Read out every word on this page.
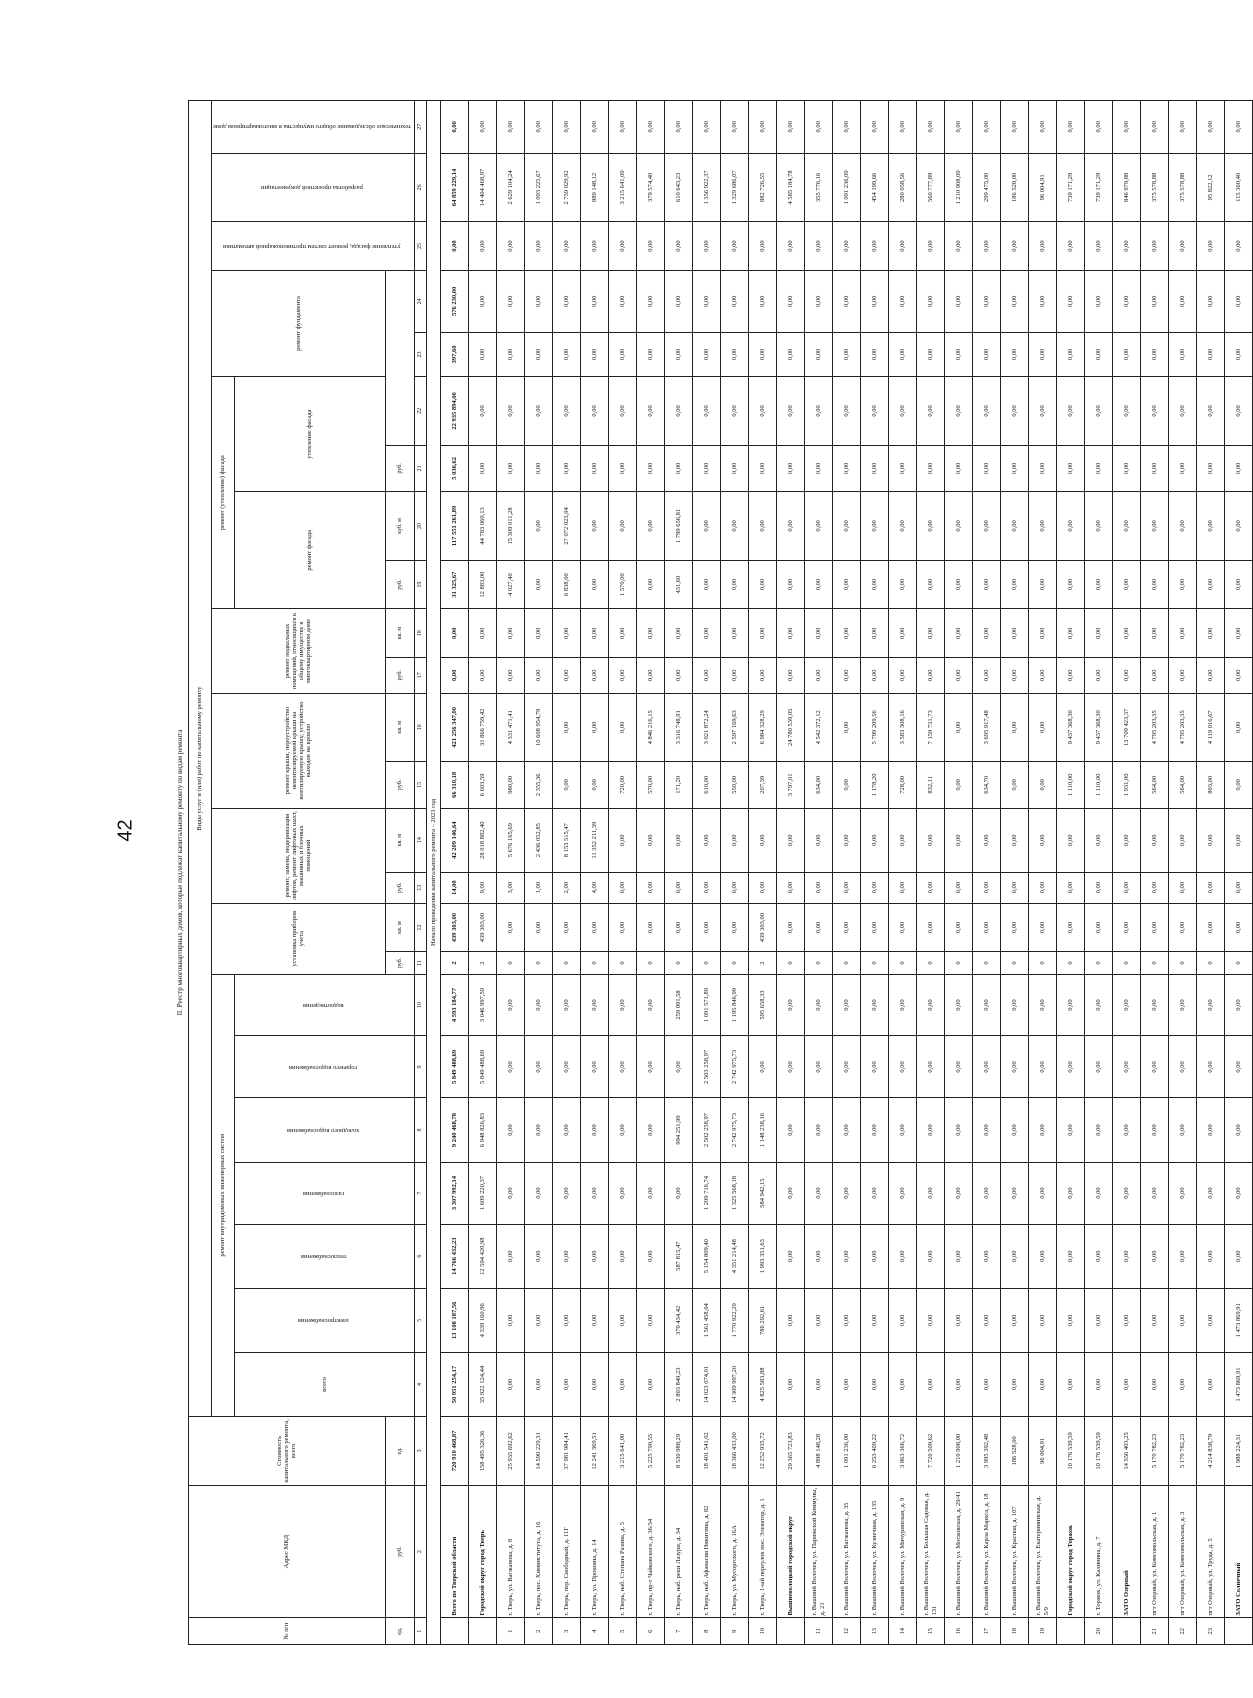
42	II. Реестр многоквартирных домов, которые подлежат капитальному ремонту по видам ремонта
№ п/п	Адрес МКД	Стоимость капитального ремонта, всего	Виды услуг и (или) работ по капитальному ремонту																							
			ремонт внутридомовых инженерных систем							установка приборов учета		ремонт, замена, модернизация лифтов, ремонт лифтовых шахт, машинных и блочных помещений		ремонт крыши, переустройство невентилируемой крыши на вентилируемую крышу, устройство выходов на кровлю		ремонт подвальных помещений, относящихся к общему имуществу в многоквартирном доме		ремонт (утепление) фасада				ремонт фундамента		утепление фасада, ремонт систем противопожарной автоматики	разработка проектной документации	техническое обследование общего имущества в многоквартирном доме
			всего	электроснабжения	теплоснабжения	газоснабжения	холодного водоснабжения	горячего водоснабжения	водоотведения									ремонт фасада		утепление фасада						
ед.	руб.	ед.								руб.	кв. м	руб.	кв. м	руб.	кв. м	руб.	кв. м	руб.	куб. м	руб.						
1	2	3	4	5	6	7	8	9	10	11	12	13	14	15	16	17	18	19	20	21	22	23	24	25	26	27
Начало проведения капитального ремонта – 2023 год																										
	Всего по Тверской области	720 910 468,87	50 951 254,17	13 108 187,56	14 766 432,23	3 307 992,14	9 240 468,78	5 849 488,69	4 593 184,77	2	439 303,00	14,00	42 209 146,64	66 310,18	421 256 347,00	0,00	0,00	31 325,67	117 551 261,89	5 036,62	22 935 894,00	397,60	576 230,00	0,00	64 859 229,14	0,00
	Городской округ город Тверь	158 495 326,36	35 922 124,44	4 339 160,96	12 594 420,98	1 609 220,37	6 948 826,83	5 849 488,69	3 046 997,59	2	439 303,00	9,00	28 018 882,40	6 603,59	31 866 759,42	0,00	0,00	12 883,00	44 783 060,13	0,00	0,00	0,00	0,00	0,00	14 404 468,97	0,00
1	г. Тверь, ул. Вагжанова, д. 8	25 935 692,62	0,00	0,00	0,00	0,00	0,00	0,00	0,00	0	0,00	3,00	5 676 165,69	980,00	4 331 471,41	0,00	0,00	4 027,40	15 309 011,28	0,00	0,00	0,00	0,00	0,00	2 629 104,24	0,00
2	г. Тверь, пос. Химинститута, д. 16	14 590 229,31	0,00	0,00	0,00	0,00	0,00	0,00	0,00	0	0,00	1,00	2 436 052,85	2 355,36	10 608 954,79	0,00	0,00	0,00	0,00	0,00	0,00	0,00	0,00	0,00	1 093 225,67	0,00
3	г. Тверь, пер. Свободный, д. 11Г	37 981 984,41	0,00	0,00	0,00	0,00	0,00	0,00	0,00	0	0,00	2,00	8 153 515,47	0,00	0,00	0,00	0,00	6 838,00	27 072 023,04	0,00	0,00	0,00	0,00	0,00	2 759 029,92	0,00
4	г. Тверь, ул. Прошина, д. 14	12 241 369,51	0,00	0,00	0,00	0,00	0,00	0,00	0,00	0	0,00	4,00	11 352 211,39	0,00	0,00	0,00	0,00	0,00	0,00	0,00	0,00	0,00	0,00	0,00	889 148,12	0,00
5	г. Тверь, наб. Степана Разина, д. 5	3 215 641,00	0,00	0,00	0,00	0,00	0,00	0,00	0,00	0	0,00	0,00	0,00	720,00	0,00	0,00	0,00	1 570,00	0,00	0,00	0,00	0,00	0,00	0,00	3 215 641,00	0,00
6	г. Тверь, пр-т Чайковского, д. 36/34	5 225 790,55	0,00	0,00	0,00	0,00	0,00	0,00	0,00	0	0,00	0,00	0,00	570,00	4 846 216,15	0,00	0,00	0,00	0,00	0,00	0,00	0,00	0,00	0,00	379 574,40	0,00
7	г. Тверь, наб. реки Лазури, д. 34	8 530 988,29	2 803 849,23	370 434,42	587 815,47	0,00	994 251,99	0,00	259 091,58	0	0,00	0,00	0,00	171,20	3 316 748,91	0,00	0,00	431,60	1 799 656,81	0,00	0,00	0,00	0,00	0,00	610 643,23	0,00
8	г. Тверь, наб. Афанасия Никитина, д. 82	18 401 541,02	14 023 074,01	1 561 458,04	5 154 809,40	1 209 716,74	2 502 258,97	2 503 258,97	1 091 571,89	0	0,00	0,00	0,00	610,00	3 021 872,24	0,00	0,00	0,00	0,00	0,00	0,00	0,00	0,00	0,00	1 356 922,37	0,00
9	г. Тверь, ул. Мусоргского, д. 16А	18 366 433,00	14 309 997,20	1 770 922,20	4 351 214,48	1 325 568,18	2 742 975,73	2 742 975,73	1 195 846,99	0	0,00	0,00	0,00	550,00	2 597 169,63	0,00	0,00	0,00	0,00	0,00	0,00	0,00	0,00	0,00	1 329 686,07	0,00
10	г. Тверь, 1-ый переулок пос. Элеватор, д. 1	12 252 935,72	4 825 583,88	786 292,61	1 993 351,63	584 942,15	1 148 238,16	0,00	595 658,33	2	439 303,00	0,00	0,00	207,39	6 984 328,29	0,00	0,00	0,00	0,00	0,00	0,00	0,00	0,00	0,00	882 726,55	0,00
	Вышневолоцкий городской округ	29 365 723,83	0,00	0,00	0,00	0,00	0,00	0,00	0,00	0	0,00	0,00	0,00	3 797,01	24 780 539,05	0,00	0,00	0,00	0,00	0,00	0,00	0,00	0,00	0,00	4 585 184,78	0,00
11	г. Вышний Волочек, ул. Парижской Коммуны, д. 21	4 898 148,28	0,00	0,00	0,00	0,00	0,00	0,00	0,00	0	0,00	0,00	0,00	634,00	4 542 372,12	0,00	0,00	0,00	0,00	0,00	0,00	0,00	0,00	0,00	355 776,16	0,00
12	г. Вышний Волочек, ул. Вагжанова, д. 35	1 091 236,00	0,00	0,00	0,00	0,00	0,00	0,00	0,00	0	0,00	0,00	0,00	0,00	0,00	0,00	0,00	0,00	0,00	0,00	0,00	0,00	0,00	0,00	1 091 236,00	0,00
13	г. Вышний Волочек, ул. Кузнечная, д. 135	6 253 409,22	0,00	0,00	0,00	0,00	0,00	0,00	0,00	0	0,00	0,00	0,00	1 178,20	5 799 209,56	0,00	0,00	0,00	0,00	0,00	0,00	0,00	0,00	0,00	454 199,66	0,00
14	г. Вышний Волочек, ул. Мичуринская, д. 9	3 863 366,72	0,00	0,00	0,00	0,00	0,00	0,00	0,00	0	0,00	0,00	0,00	728,00	3 583 308,16	0,00	0,00	0,00	0,00	0,00	0,00	0,00	0,00	0,00	280 058,56	0,00
15	г. Вышний Волочек, ул. Большая Садовая, д. 131	7 720 509,62	0,00	0,00	0,00	0,00	0,00	0,00	0,00	0	0,00	0,00	0,00	832,11	7 159 731,73	0,00	0,00	0,00	0,00	0,00	0,00	0,00	0,00	0,00	560 777,89	0,00
16	г. Вышний Волочек, ул. Московская, д. 29/41	1 210 908,00	0,00	0,00	0,00	0,00	0,00	0,00	0,00	0	0,00	0,00	0,00	0,00	0,00	0,00	0,00	0,00	0,00	0,00	0,00	0,00	0,00	0,00	1 210 908,00	0,00
17	г. Вышний Волочек, ул. Карла Маркса, д. 18	3 995 392,48	0,00	0,00	0,00	0,00	0,00	0,00	0,00	0	0,00	0,00	0,00	634,70	3 695 917,48	0,00	0,00	0,00	0,00	0,00	0,00	0,00	0,00	0,00	299 475,00	0,00
18	г. Вышний Волочек, ул. Красная, д. 107	186 528,00	0,00	0,00	0,00	0,00	0,00	0,00	0,00	0	0,00	0,00	0,00	0,00	0,00	0,00	0,00	0,00	0,00	0,00	0,00	0,00	0,00	0,00	186 528,00	0,00
19	г. Вышний Волочек, ул. Екатерининская, д. 5/9	96 004,91	0,00	0,00	0,00	0,00	0,00	0,00	0,00	0	0,00	0,00	0,00	0,00	0,00	0,00	0,00	0,00	0,00	0,00	0,00	0,00	0,00	0,00	96 004,91	0,00
	Городской округ город Торжок	10 176 539,59	0,00	0,00	0,00	0,00	0,00	0,00	0,00	0	0,00	0,00	0,00	1 110,00	9 437 368,30	0,00	0,00	0,00	0,00	0,00	0,00	0,00	0,00	0,00	739 171,29	0,00
20	г. Торжок, ул. Калинина, д. 7	10 176 539,59	0,00	0,00	0,00	0,00	0,00	0,00	0,00	0	0,00	0,00	0,00	1 110,00	9 437 368,30	0,00	0,00	0,00	0,00	0,00	0,00	0,00	0,00	0,00	739 171,29	0,00
	ЗАТО Озерный	14 556 403,25	0,00	0,00	0,00	0,00	0,00	0,00	0,00	0	0,00	0,00	0,00	1 931,00	13 709 423,37	0,00	0,00	0,00	0,00	0,00	0,00	0,00	0,00	0,00	846 979,88	0,00
21	пгт Озерный, ул. Комсомольская, д. 1	5 170 782,23	0,00	0,00	0,00	0,00	0,00	0,00	0,00	0	0,00	0,00	0,00	564,00	4 795 203,35	0,00	0,00	0,00	0,00	0,00	0,00	0,00	0,00	0,00	375 578,88	0,00
22	пгт Озерный, ул. Комсомольская, д. 3	5 170 782,23	0,00	0,00	0,00	0,00	0,00	0,00	0,00	0	0,00	0,00	0,00	564,00	4 795 203,35	0,00	0,00	0,00	0,00	0,00	0,00	0,00	0,00	0,00	375 578,88	0,00
23	пгт Озерный, ул. Труда, д. 5	4 214 838,79	0,00	0,00	0,00	0,00	0,00	0,00	0,00	0	0,00	0,00	0,00	803,00	4 119 016,67	0,00	0,00	0,00	0,00	0,00	0,00	0,00	0,00	0,00	95 822,12	0,00
	ЗАТО Солнечный	1 988 224,31	1 473 869,91	1 473 869,91	0,00	0,00	0,00	0,00	0,00	0	0,00	0,00	0,00	0,00	0,00	0,00	0,00	0,00	0,00	0,00	0,00	0,00	0,00	0,00	115 360,40	0,00
